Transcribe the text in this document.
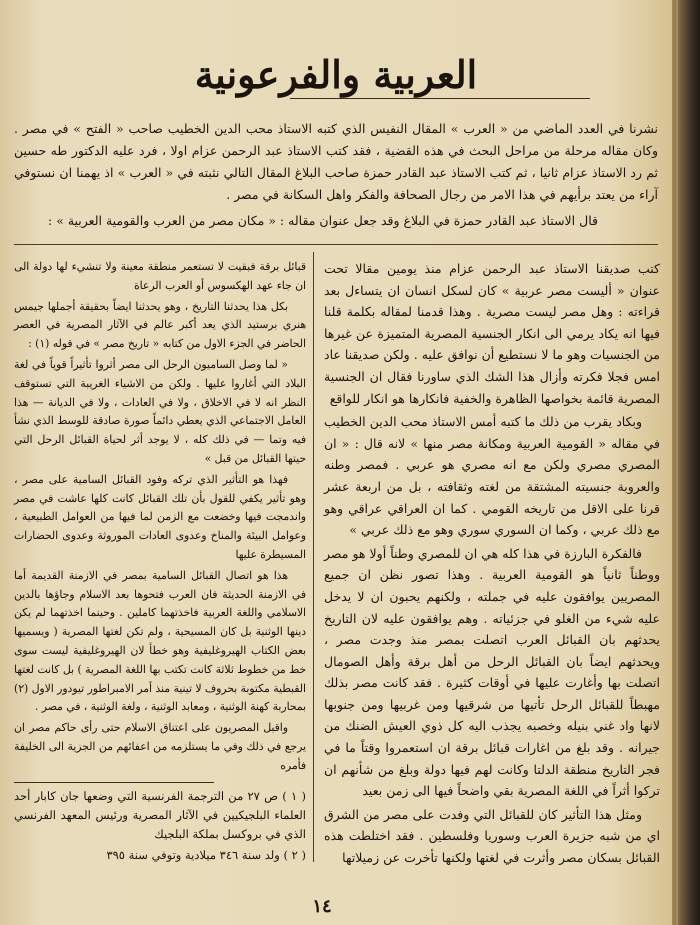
العربية والفرعونية

نشرنا في العدد الماضي من « العرب » المقال النفيس الذي كتبه الاستاذ محب الدين الخطيب صاحب « الفتح » في مصر . وكان مقاله مرحلة من مراحل البحث في هذه القضية ، فقد كتب الاستاذ عبد الرحمن عزام اولا ، فرد عليه الدكتور طه حسين ثم رد الاستاذ عزام ثانيا ، ثم كتب الاستاذ عبد القادر حمزة صاحب البلاغ المقال التالي نثبته في « العرب » اذ يهمنا ان نستوفي آراء من يعتد برأيهم في هذا الامر من رجال الصحافة والفكر واهل السكانة في مصر .

قال الاستاذ عبد القادر حمزة في البلاغ وقد جعل عنوان مقاله : « مكان مصر من العرب والقومية العربية » :

كتب صديقنا الاستاذ عبد الرحمن عزام منذ يومين مقالا تحت عنوان « أليست مصر عربية » كان لسكل انسان ان يتساءل بعد قراءته : وهل مصر ليست مصرية . وهذا قدمنا لمقاله بكلمة قلنا فيها انه يكاد يرمي الى انكار الجنسية المصرية المتميزة عن غيرها من الجنسيات وهو ما لا نستطيع أن نوافق عليه . ولكن صديقنا عاد امس فجلا فكرته وأزال هذا الشك الذي ساورنا فقال ان الجنسية المصرية قائمة بخواصها الظاهرة والخفية فانكارها هو انكار للواقع

وبكاد يقرب من ذلك ما كتبه أمس الاستاذ محب الدين الخطيب في مقاله « القومية العربية ومكانة مصر منها » لانه قال : « ان المصري مصري ولكن مع انه مصري هو عربي . فمصر وطنه والعروبة جنسيته المشتقة من لغته وثقافته ، بل من اربعة عشر قرنا على الاقل من تاريخه القومي . كما ان العراقي عراقي وهو مع ذلك عربي ، وكما ان السوري سوري وهو مع ذلك عربي »

فالفكرة البارزة في هذا كله هي ان للمصري وطناً أولا هو مصر ووطناً ثانياً هو القومية العربية . وهذا تصور نظن ان جميع المصريين يوافقون عليه في جملته ، ولكنهم يحبون ان لا يدخل عليه شيء من الغلو في جزئياته . وهم يوافقون عليه لان التاريخ يحدثهم بان القبائل العرب اتصلت بمصر منذ وجدت مصر ، ويحدثهم ايضاً بان القبائل الرحل من أهل برقة وأهل الصومال اتصلت بها وأغارت عليها في أوقات كثيرة . فقد كانت مصر بذلك مهبطاً للقبائل الرحل تأتيها من شرقيها ومن غربيها ومن جنوبها لانها واد غني بنيله وخصبه يجذب اليه كل ذوي العيش الضنك من جيرانه . وقد بلغ من اغارات قبائل برقة ان استعمروا وقتاً ما في فجر التاريخ منطقة الدلتا وكانت لهم فيها دولة وبلغ من شأنهم ان تركوا أثراً في اللغة المصرية بقي واضحاً فيها الى زمن بعيد

ومثل هذا التأثير كان للقبائل التي وفدت على مصر من الشرق اي من شبه جزيرة العرب وسوريا وفلسطين . فقد اختلطت هذه القبائل بسكان مصر وأثرت في لغتها ولكنها تأخرت عن زميلاتها

قبائل برقة فبقيت لا تستعمر منطقة معينة ولا تنشيء لها دولة الى ان جاء عهد الهكسوس أو العرب الرعاة

بكل هذا يحدثنا التاريخ ، وهو يحدثنا ايضاً بحقيقة أجملها جيمس هنري برستيد الذي يعد أكبر عالم في الآثار المصرية في العصر الحاضر في الجزء الاول من كتابه « تاريخ مصر » في قوله (١) :

« لما وصل الساميون الرحل الى مصر أثروا تأثيراً قوياً في لغة البلاد التي أغاروا عليها . ولكن من الاشياء الغريبة التي تستوقف النظر انه لا في الاخلاق ، ولا في العادات ، ولا في الديانة — هذا العامل الاجتماعي الذي يعطي دائماً صورة صادقة للوسط الذي نشأ فيه وتما — في ذلك كله ، لا يوجد أثر لحياة القبائل الرحل التي حيتها القبائل من قبل »

فهذا هو التأثير الذي تركه وفود القبائل السامية على مصر ، وهو تأثير يكفي للقول بأن تلك القبائل كانت كلها عاشت في مصر واندمجت فيها وخضعت مع الزمن لما فيها من العوامل الطبيعية ، وعوامل البيئة والمناخ وعدوى العادات الموروثة وعدوى الحضارات المسيطرة عليها

هذا هو اتصال القبائل السامية بمصر في الازمنة القديمة أما في الازمنة الحديثة فان العرب فتحوها بعد الاسلام وجاؤها بالدين الاسلامي واللغة العربية فاخذتهما كاملين . وحينما اخذتهما لم يكن دينها الوثنية بل كان المسيحية ، ولم تكن لغتها المصرية ( ويسميها بعض الكتاب الهيروغليفية وهو خطأ لان الهيروغليفية ليست سوى خط من خطوط ثلاثة كانت تكتب بها اللغة المصرية ) بل كانت لغتها القبطية مكتوبة بحروف لا تينية منذ أمر الامبراطور تيودور الاول (٢) بمحاربة كهنة الوثنية ، ومعابد الوثنية ، ولغة الوثنية ، في مصر .

واقبل المصريون على اعتناق الاسلام حتى رأى حاكم مصر ان يرجع في ذلك وفي ما يستلزمه من اعفائهم من الجزية الى الخليفة فأمره

( ١ ) ص ٢٧ من الترجمة الفرنسية التي وضعها جان كابار أحد العلماء البلجيكيين في الآثار المصرية ورئيس المعهد الفرنسي الذي في بروكسل بملكة البلجيك

( ٢ ) ولد سنة ٣٤٦ ميلادية وتوفي سنة ٣٩٥

١٤
